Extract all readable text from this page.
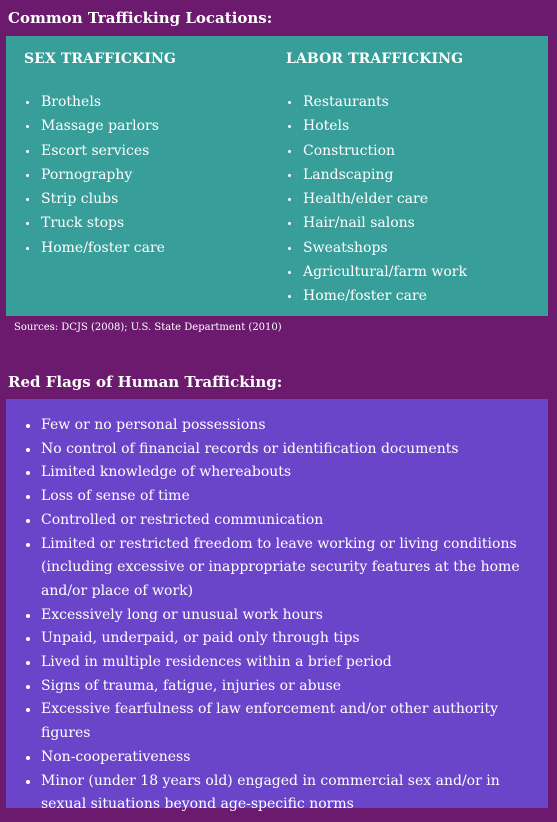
Common Trafficking Locations:
SEX TRAFFICKING
Brothels
Massage parlors
Escort services
Pornography
Strip clubs
Truck stops
Home/foster care
LABOR TRAFFICKING
Restaurants
Hotels
Construction
Landscaping
Health/elder care
Hair/nail salons
Sweatshops
Agricultural/farm work
Home/foster care
Sources: DCJS (2008); U.S. State Department (2010)
Red Flags of Human Trafficking:
Few or no personal possessions
No control of financial records or identification documents
Limited knowledge of whereabouts
Loss of sense of time
Controlled or restricted communication
Limited or restricted freedom to leave working or living conditions (including excessive or inappropriate security features at the home and/or place of work)
Excessively long or unusual work hours
Unpaid, underpaid, or paid only through tips
Lived in multiple residences within a brief period
Signs of trauma, fatigue, injuries or abuse
Excessive fearfulness of law enforcement and/or other authority figures
Non-cooperativeness
Minor (under 18 years old) engaged in commercial sex and/or in sexual situations beyond age-specific norms
